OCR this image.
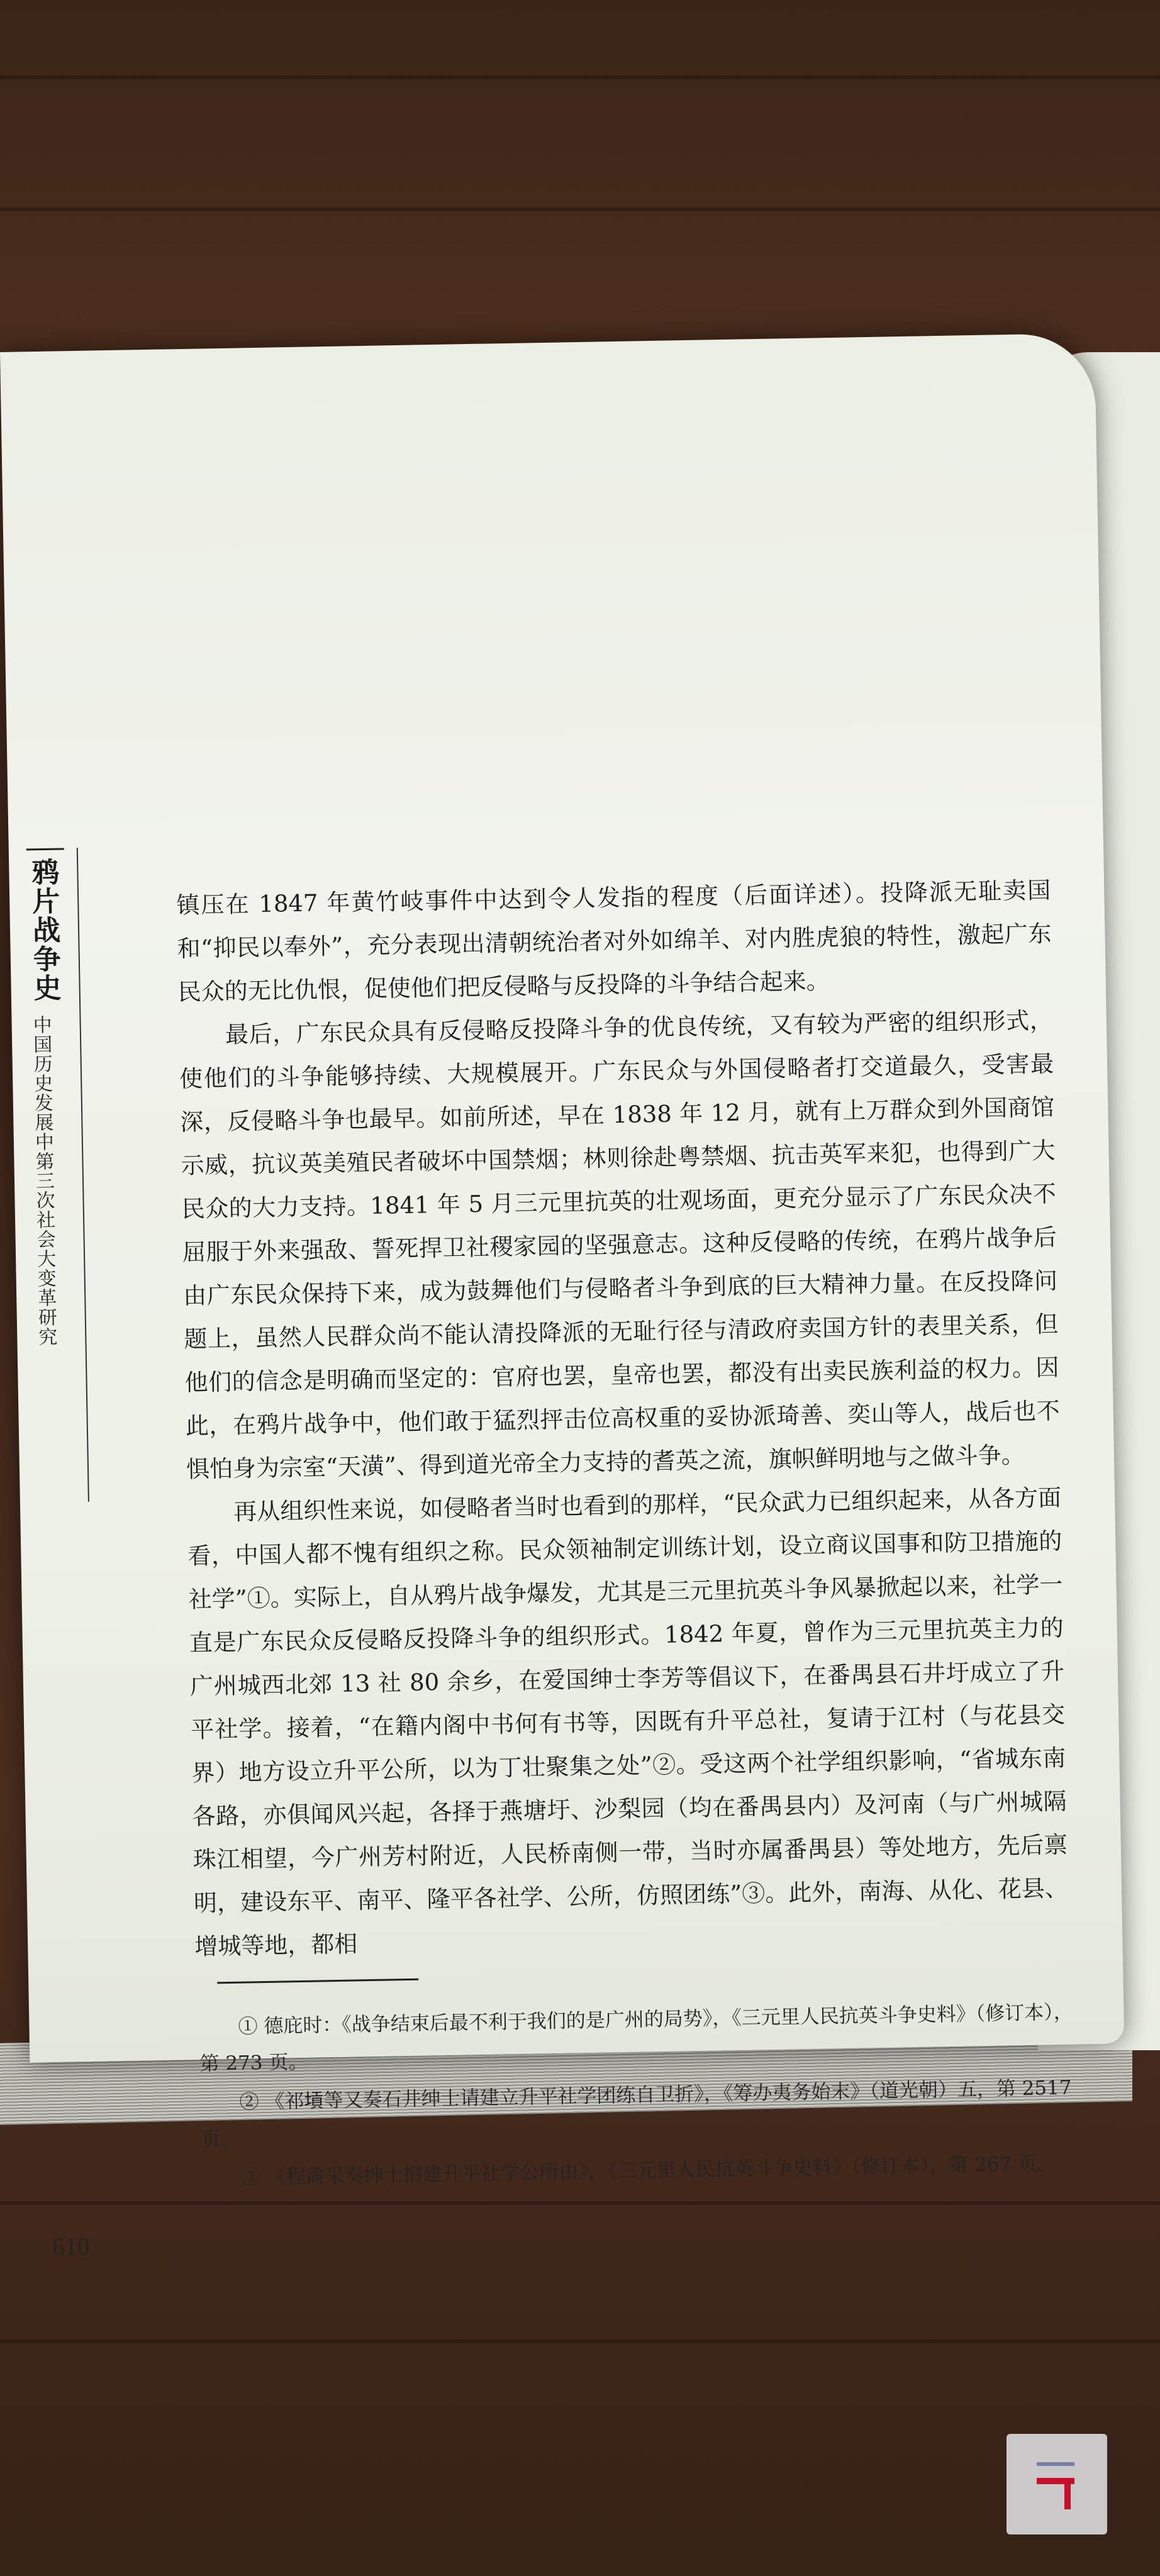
鸦片战争史
中国历史发展中第三次社会大变革研究

镇压在 1847 年黄竹岐事件中达到令人发指的程度（后面详述）。投降派无耻卖国和“抑民以奉外”，充分表现出清朝统治者对外如绵羊、对内胜虎狼的特性，激起广东民众的无比仇恨，促使他们把反侵略与反投降的斗争结合起来。

最后，广东民众具有反侵略反投降斗争的优良传统，又有较为严密的组织形式，使他们的斗争能够持续、大规模展开。广东民众与外国侵略者打交道最久，受害最深，反侵略斗争也最早。如前所述，早在 1838 年 12 月，就有上万群众到外国商馆示威，抗议英美殖民者破坏中国禁烟；林则徐赴粤禁烟、抗击英军来犯，也得到广大民众的大力支持。1841 年 5 月三元里抗英的壮观场面，更充分显示了广东民众决不屈服于外来强敌、誓死捍卫社稷家园的坚强意志。这种反侵略的传统，在鸦片战争后由广东民众保持下来，成为鼓舞他们与侵略者斗争到底的巨大精神力量。在反投降问题上，虽然人民群众尚不能认清投降派的无耻行径与清政府卖国方针的表里关系，但他们的信念是明确而坚定的：官府也罢，皇帝也罢，都没有出卖民族利益的权力。因此，在鸦片战争中，他们敢于猛烈抨击位高权重的妥协派琦善、奕山等人，战后也不惧怕身为宗室“天潢”、得到道光帝全力支持的耆英之流，旗帜鲜明地与之做斗争。

再从组织性来说，如侵略者当时也看到的那样，“民众武力已组织起来，从各方面看，中国人都不愧有组织之称。民众领袖制定训练计划，设立商议国事和防卫措施的社学”①。实际上，自从鸦片战争爆发，尤其是三元里抗英斗争风暴掀起以来，社学一直是广东民众反侵略反投降斗争的组织形式。1842 年夏，曾作为三元里抗英主力的广州城西北郊 13 社 80 余乡，在爱国绅士李芳等倡议下，在番禺县石井圩成立了升平社学。接着，“在籍内阁中书何有书等，因既有升平总社，复请于江村（与花县交界）地方设立升平公所，以为丁壮聚集之处”②。受这两个社学组织影响，“省城东南各路，亦俱闻风兴起，各择于燕塘圩、沙梨园（均在番禺县内）及河南（与广州城隔珠江相望，今广州芳村附近，人民桥南侧一带，当时亦属番禺县）等处地方，先后禀明，建设东平、南平、隆平各社学、公所，仿照团练”③。此外，南海、从化、花县、增城等地，都相

① 德庇时：《战争结束后最不利于我们的是广州的局势》，《三元里人民抗英斗争史料》（修订本），第 273 页。

② 《祁𡎴等又奏石井绅士请建立升平社学团练自卫折》，《筹办夷务始末》（道光朝）五，第 2517 页。

③ 《程矞采奏绅士捐建升平社学公所由》，《三元里人民抗英斗争史料》（修订本），第 267 页。

610
